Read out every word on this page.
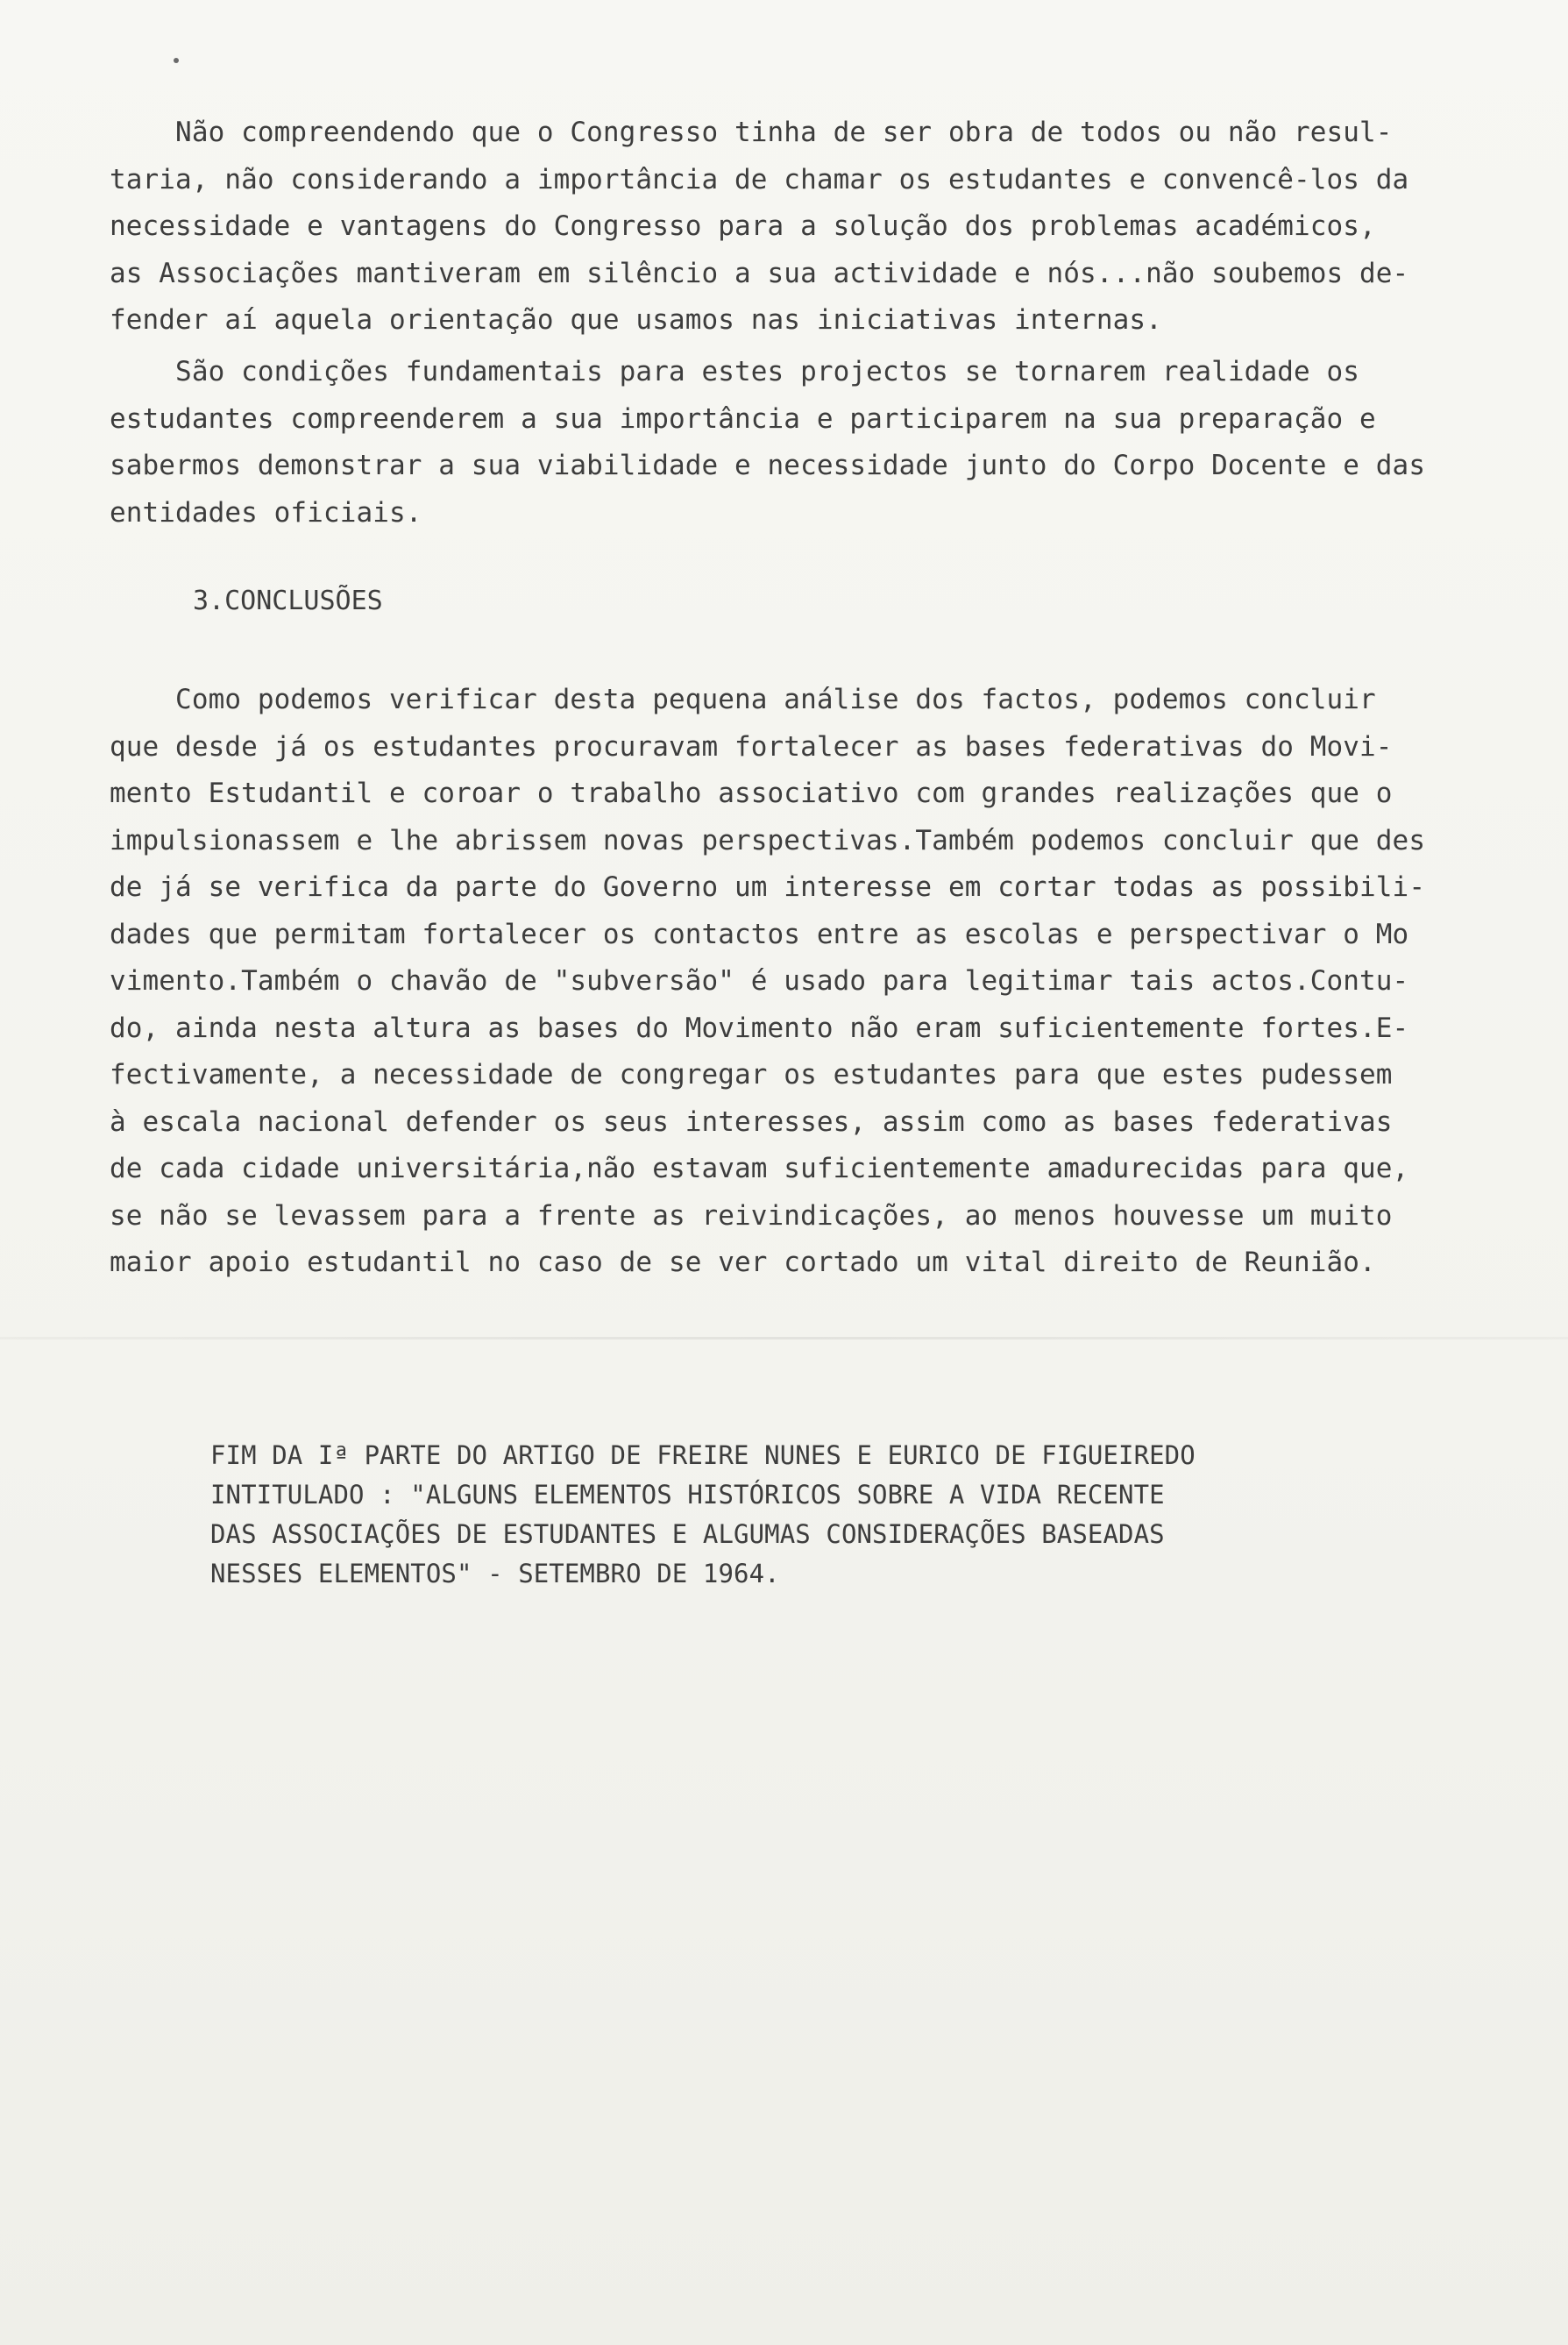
Não compreendendo que o Congresso tinha de ser obra de todos ou não resul-
taria, não considerando a importância de chamar os estudantes e convencê-los da
necessidade e vantagens do Congresso para a solução dos problemas académicos,
as Associações mantiveram em silêncio a sua actividade e nós...não soubemos de-
fender aí aquela orientação que usamos nas iniciativas internas.
São condições fundamentais para estes projectos se tornarem realidade os
estudantes compreenderem a sua importância e participarem na sua preparação e
sabermos demonstrar a sua viabilidade e necessidade junto do Corpo Docente e das
entidades oficiais.
3.CONCLUSÕES
Como podemos verificar desta pequena análise dos factos, podemos concluir
que desde já os estudantes procuravam fortalecer as bases federativas do Movi-
mento Estudantil e coroar o trabalho associativo com grandes realizações que o
impulsionassem e lhe abrissem novas perspectivas.Também podemos concluir que des
de já se verifica da parte do Governo um interesse em cortar todas as possibili-
dades que permitam fortalecer os contactos entre as escolas e perspectivar o Mo
vimento.Também o chavão de "subversão" é usado para legitimar tais actos.Contu-
do, ainda nesta altura as bases do Movimento não eram suficientemente fortes.E-
fectivamente, a necessidade de congregar os estudantes para que estes pudessem
à escala nacional defender os seus interesses, assim como as bases federativas
de cada cidade universitária,não estavam suficientemente amadurecidas para que,
se não se levassem para a frente as reivindicações, ao menos houvesse um muito
maior apoio estudantil no caso de se ver cortado um vital direito de Reunião.
FIM DA Iª PARTE DO ARTIGO DE FREIRE NUNES E EURICO DE FIGUEIREDO
INTITULADO : "ALGUNS ELEMENTOS HISTÓRICOS SOBRE A VIDA RECENTE
DAS ASSOCIAÇÕES DE ESTUDANTES E ALGUMAS CONSIDERAÇÕES BASEADAS
NESSES ELEMENTOS" - SETEMBRO DE 1964.
